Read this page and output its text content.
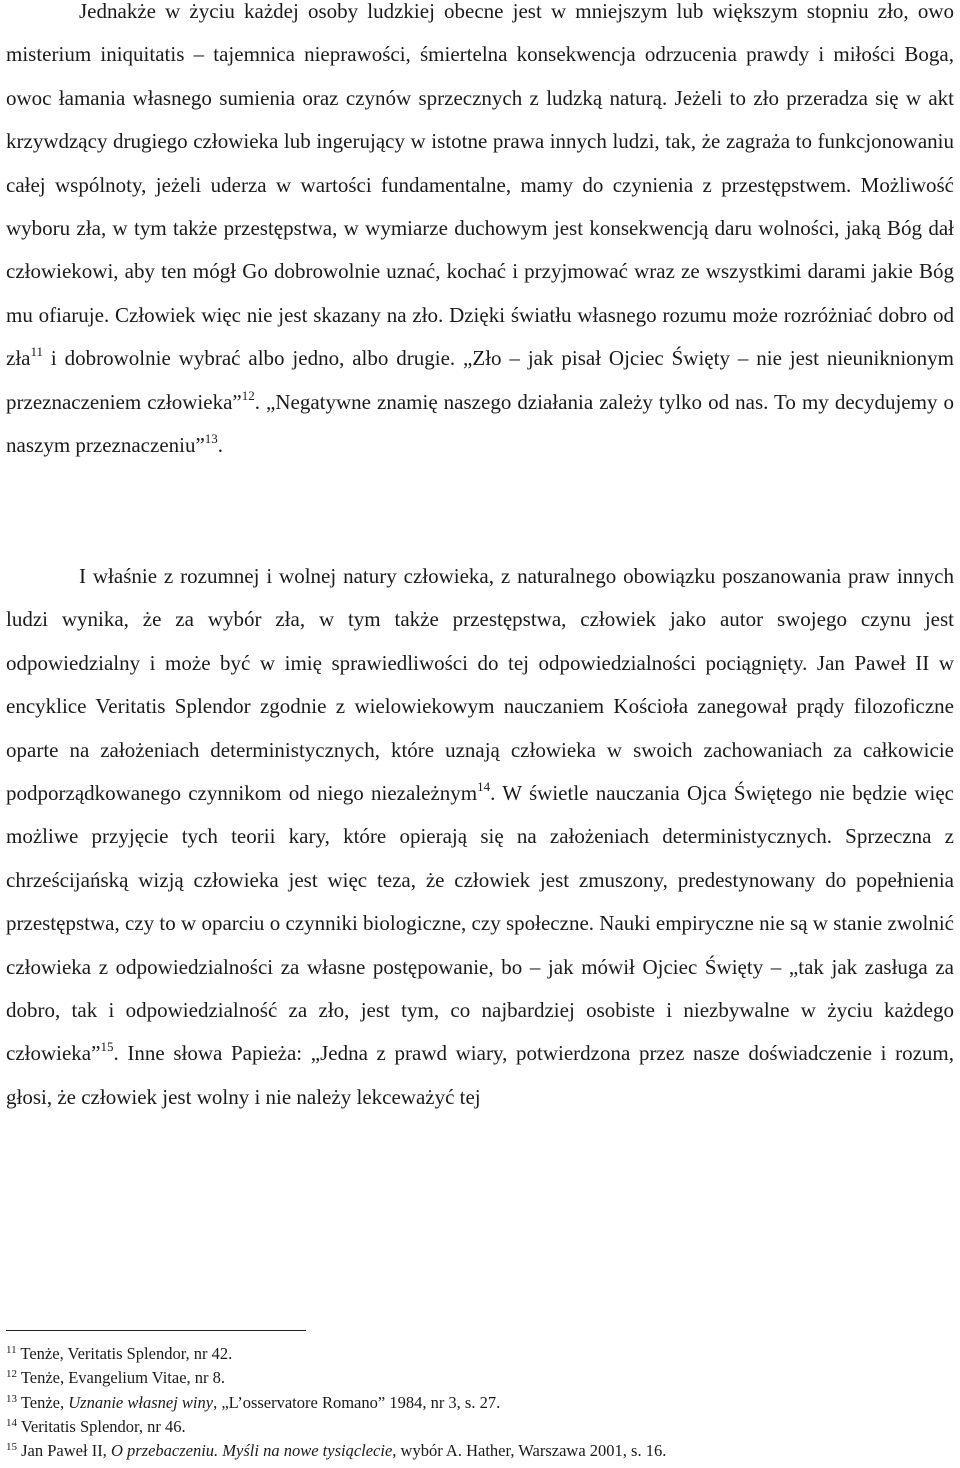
Jednakże w życiu każdej osoby ludzkiej obecne jest w mniejszym lub większym stopniu zło, owo misterium iniquitatis – tajemnica nieprawości, śmiertelna konsekwencja odrzucenia prawdy i miłości Boga, owoc łamania własnego sumienia oraz czynów sprzecznych z ludzką naturą. Jeżeli to zło przeradza się w akt krzywdzący drugiego człowieka lub ingerujący w istotne prawa innych ludzi, tak, że zagraża to funkcjonowaniu całej wspólnoty, jeżeli uderza w wartości fundamentalne, mamy do czynienia z przestępstwem. Możliwość wyboru zła, w tym także przestępstwa, w wymiarze duchowym jest konsekwencją daru wolności, jaką Bóg dał człowiekowi, aby ten mógł Go dobrowolnie uznać, kochać i przyjmować wraz ze wszystkimi darami jakie Bóg mu ofiaruje. Człowiek więc nie jest skazany na zło. Dzięki światłu własnego rozumu może rozróżniać dobro od zła$^{11}$ i dobrowolnie wybrać albo jedno, albo drugie. „Zło – jak pisał Ojciec Święty – nie jest nieuniknionym przeznaczeniem człowieka”$^{12}$. „Negatywne znamię naszego działania zależy tylko od nas. To my decydujemy o naszym przeznaczeniu”$^{13}$.

I właśnie z rozumnej i wolnej natury człowieka, z naturalnego obowiązku poszanowania praw innych ludzi wynika, że za wybór zła, w tym także przestępstwa, człowiek jako autor swojego czynu jest odpowiedzialny i może być w imię sprawiedliwości do tej odpowiedzialności pociągnięty. Jan Paweł II w encyklice Veritatis Splendor zgodnie z wielowiekowym nauczaniem Kościoła zanegował prądy filozoficzne oparte na założeniach deterministycznych, które uznają człowieka w swoich zachowaniach za całkowicie podporządkowanego czynnikom od niego niezależnym$^{14}$. W świetle nauczania Ojca Świętego nie będzie więc możliwe przyjęcie tych teorii kary, które opierają się na założeniach deterministycznych. Sprzeczna z chrześcijańską wizją człowieka jest więc teza, że człowiek jest zmuszony, predestynowany do popełnienia przestępstwa, czy to w oparciu o czynniki biologiczne, czy społeczne. Nauki empiryczne nie są w stanie zwolnić człowieka z odpowiedzialności za własne postępowanie, bo – jak mówił Ojciec Święty – „tak jak zasługa za dobro, tak i odpowiedzialność za zło, jest tym, co najbardziej osobiste i niezbywalne w życiu każdego człowieka”$^{15}$. Inne słowa Papieża: „Jedna z prawd wiary, potwierdzona przez nasze doświadczenie i rozum, głosi, że człowiek jest wolny i nie należy lekceważyć tej

$^{11}$ Tenże, Veritatis Splendor, nr 42.
$^{12}$ Tenże, Evangelium Vitae, nr 8.
$^{13}$ Tenże, Uznanie własnej winy, „L’osservatore Romano” 1984, nr 3, s. 27.
$^{14}$ Veritatis Splendor, nr 46.
$^{15}$ Jan Paweł II, O przebaczeniu. Myśli na nowe tysiąclecie, wybór A. Hather, Warszawa 2001, s. 16.
